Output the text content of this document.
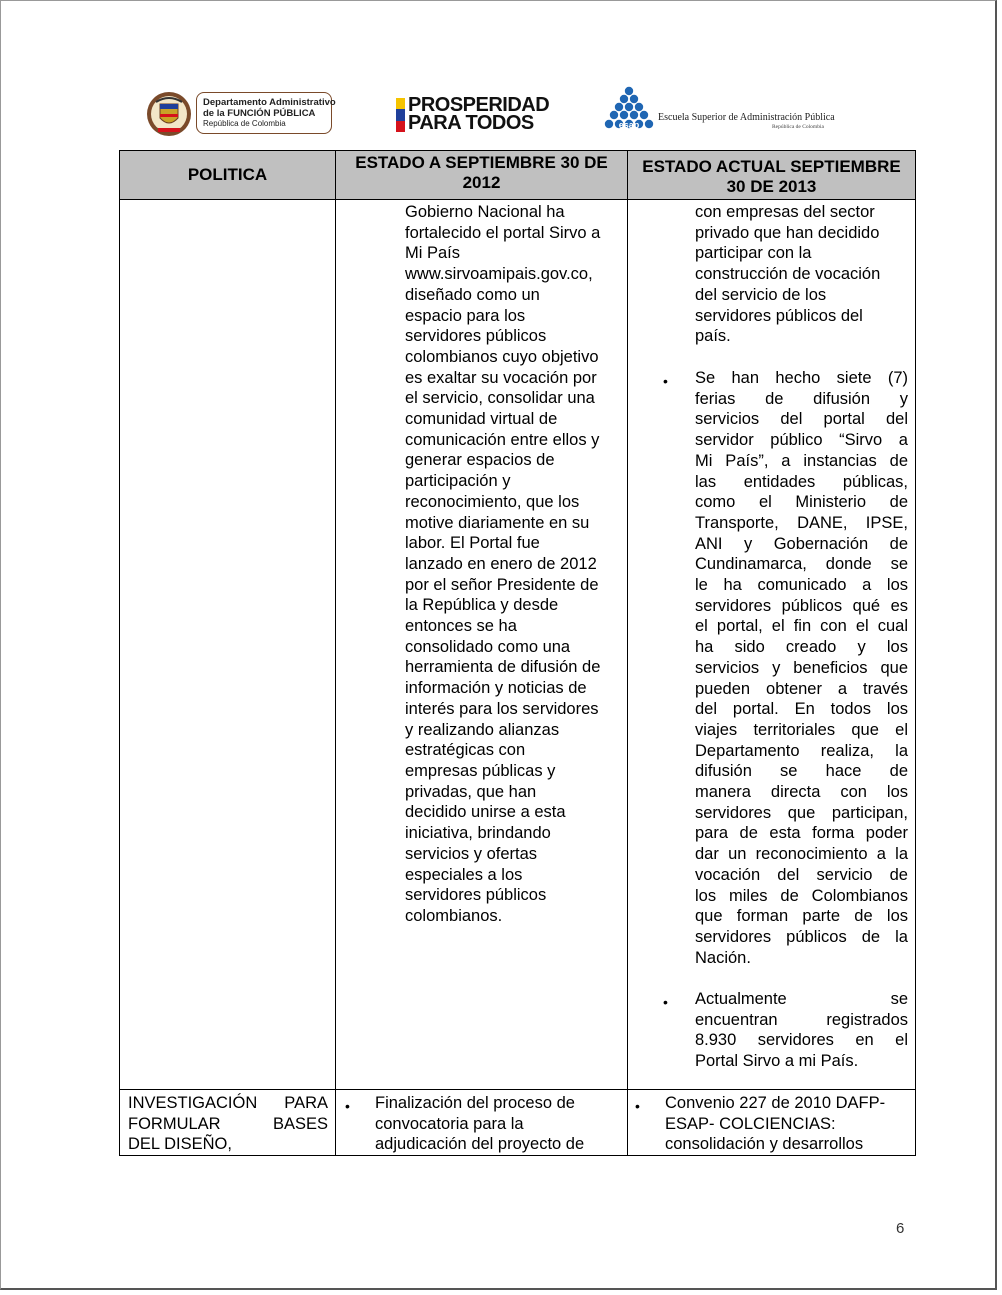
Departamento Administrativo
de la FUNCIÓN PÚBLICA
República de Colombia
PROSPERIDAD
PARA TODOS	esap
Escuela Superior de Administración Pública
República de Colombia
POLITICA
ESTADO A SEPTIEMBRE 30 DE 2012
ESTADO ACTUAL SEPTIEMBRE 30 DE 2013

Gobierno Nacional ha

fortalecido el portal Sirvo a

Mi País

www.sirvoamipais.gov.co,

diseñado como un

espacio para los

servidores públicos

colombianos cuyo objetivo

es exaltar su vocación por

el servicio, consolidar una

comunidad virtual de

comunicación entre ellos y

generar espacios de

participación y

reconocimiento, que los

motive diariamente en su

labor. El Portal fue

lanzado en enero de 2012

por el señor Presidente de

la República y desde

entonces se ha

consolidado como una

herramienta de difusión de

información y noticias de

interés para los servidores

y realizando alianzas

estratégicas con

empresas públicas y

privadas, que han

decidido unirse a esta

iniciativa, brindando

servicios y ofertas

especiales a los

servidores públicos

colombianos.

con empresas del sector

privado que han decidido

participar con la

construcción de vocación

del servicio de los

servidores públicos del

país.

• Se han hecho siete (7)

ferias de difusión y

servicios del portal del

servidor público “Sirvo a

Mi País”, a instancias de

las entidades públicas,

como el Ministerio de

Transporte, DANE, IPSE,

ANI y Gobernación de

Cundinamarca, donde se

le ha comunicado a los

servidores públicos qué es

el portal, el fin con el cual

ha sido creado y los

servicios y beneficios que

pueden obtener a través

del portal. En todos los

viajes territoriales que el

Departamento realiza, la

difusión se hace de

manera directa con los

servidores que participan,

para de esta forma poder

dar un reconocimiento a la

vocación del servicio de

los miles de Colombianos

que forman parte de los

servidores públicos de la

Nación.

• Actualmente se

encuentran registrados

8.930 servidores en el

Portal Sirvo a mi País.

INVESTIGACIÓN PARA

FORMULAR BASES

DEL DISEÑO,

• Finalización del proceso de

convocatoria para la

adjudicación del proyecto de

• Convenio 227 de 2010 DAFP-

ESAP- COLCIENCIAS:

consolidación y desarrollos

6
